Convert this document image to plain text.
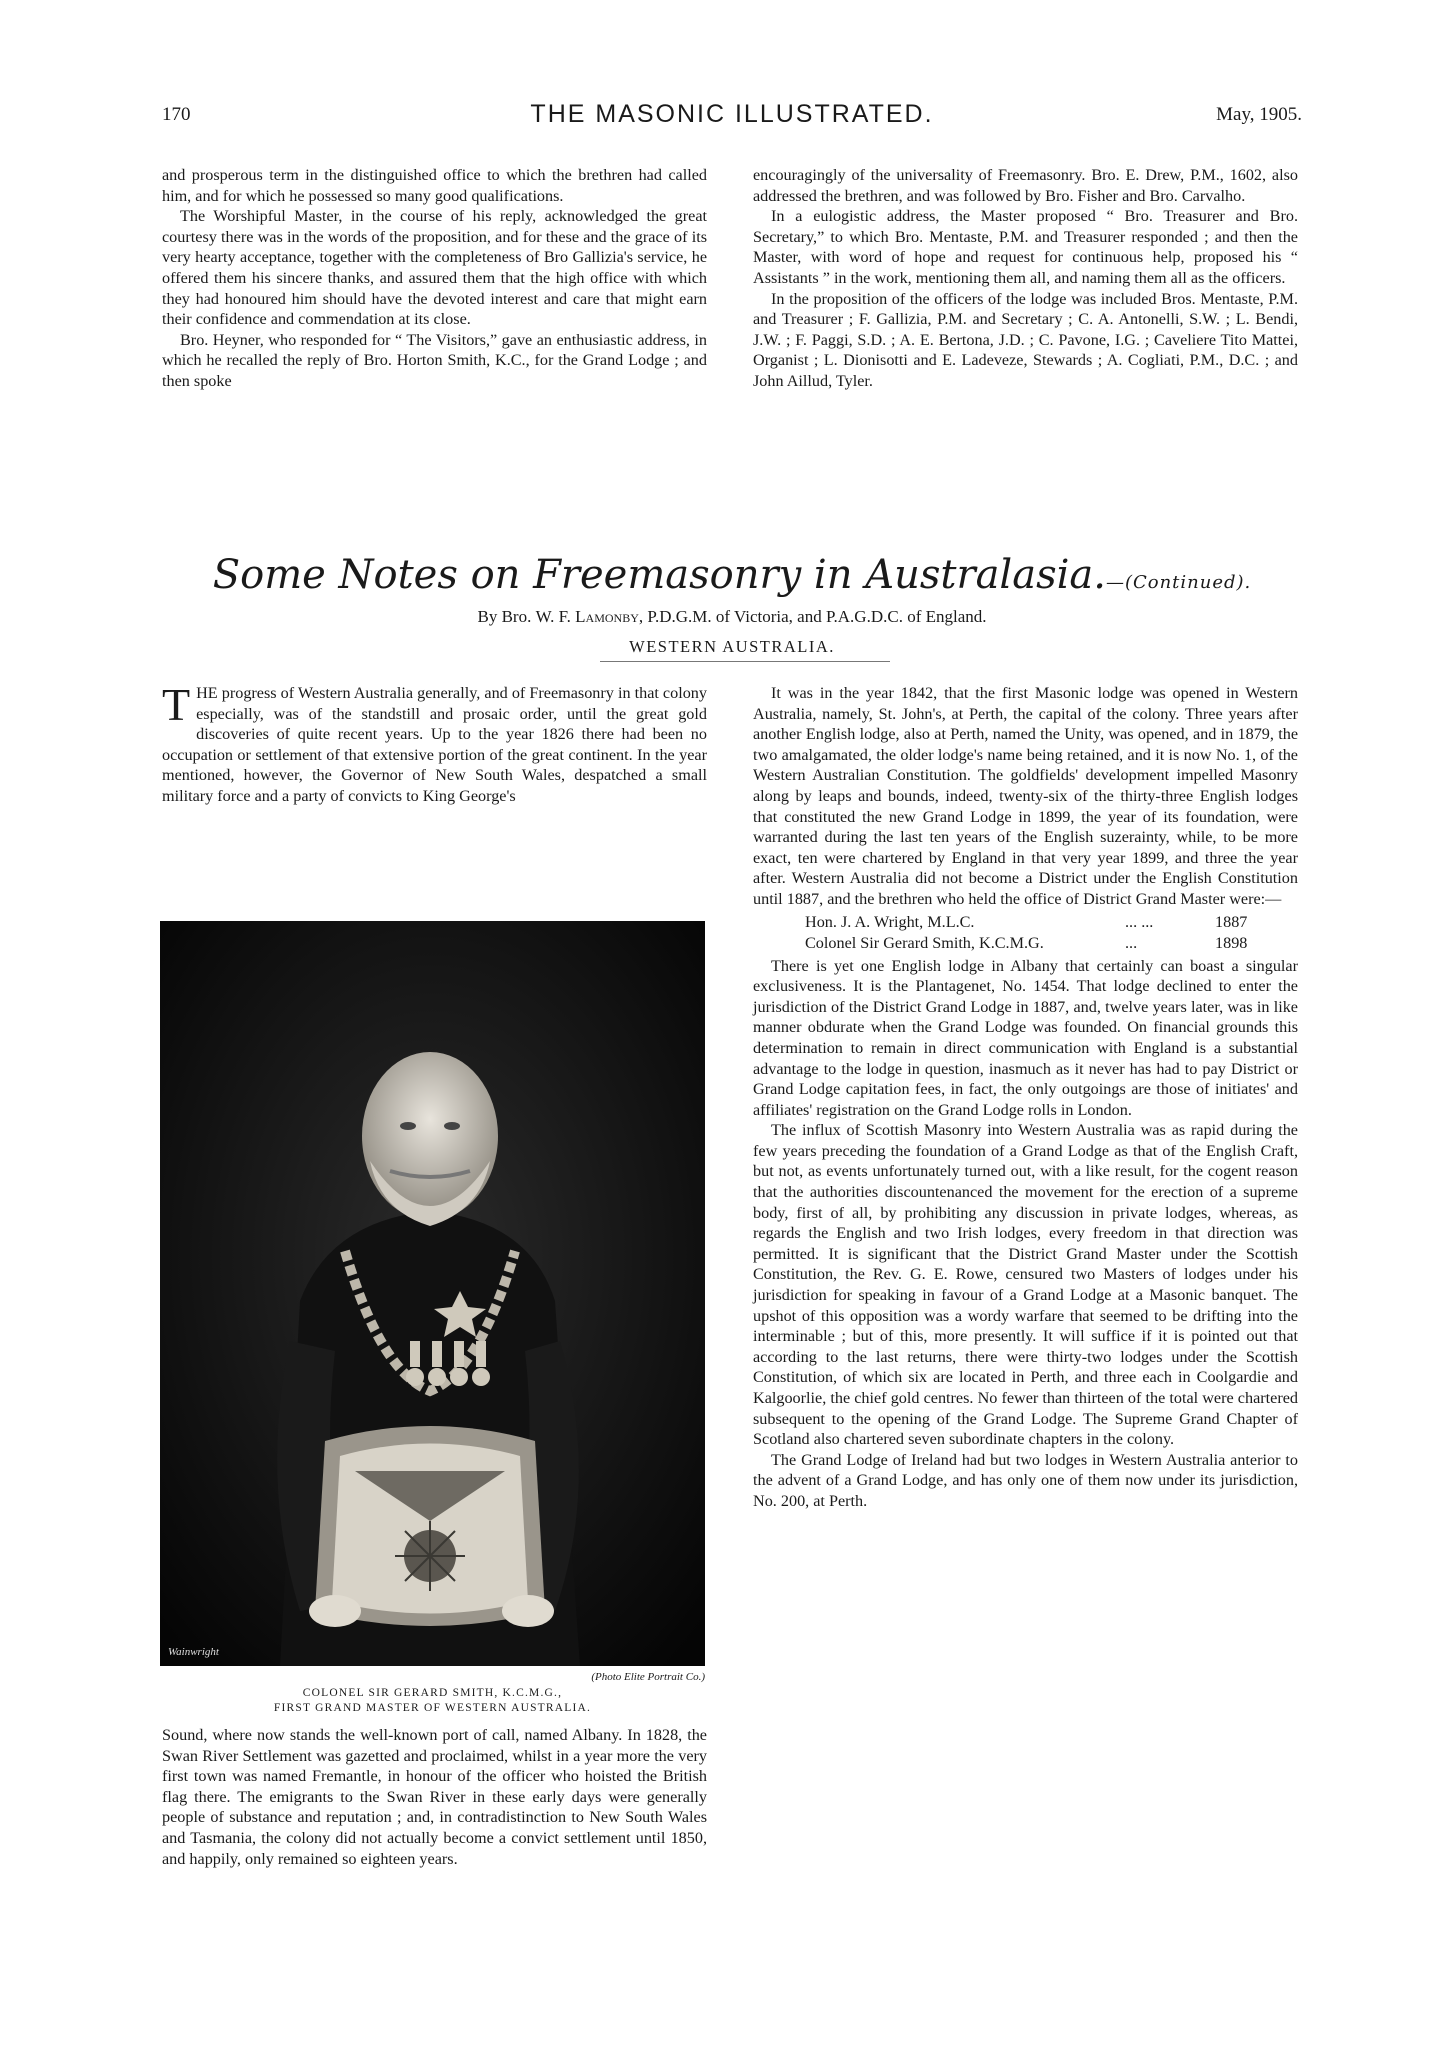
170	THE MASONIC ILLUSTRATED.	May, 1905.

and prosperous term in the distinguished office to which the brethren had called him, and for which he possessed so many good qualifications.

The Worshipful Master, in the course of his reply, acknowledged the great courtesy there was in the words of the proposition, and for these and the grace of its very hearty acceptance, together with the completeness of Bro Gallizia's service, he offered them his sincere thanks, and assured them that the high office with which they had honoured him should have the devoted interest and care that might earn their confidence and commendation at its close.

Bro. Heyner, who responded for “ The Visitors,” gave an enthusiastic address, in which he recalled the reply of Bro. Horton Smith, K.C., for the Grand Lodge ; and then spoke

encouragingly of the universality of Freemasonry. Bro. E. Drew, P.M., 1602, also addressed the brethren, and was followed by Bro. Fisher and Bro. Carvalho.

In a eulogistic address, the Master proposed “ Bro. Treasurer and Bro. Secretary,” to which Bro. Mentaste, P.M. and Treasurer responded ; and then the Master, with word of hope and request for continuous help, proposed his “ Assistants ” in the work, mentioning them all, and naming them all as the officers.

In the proposition of the officers of the lodge was included Bros. Mentaste, P.M. and Treasurer ; F. Gallizia, P.M. and Secretary ; C. A. Antonelli, S.W. ; L. Bendi, J.W. ; F. Paggi, S.D. ; A. E. Bertona, J.D. ; C. Pavone, I.G. ; Caveliere Tito Mattei, Organist ; L. Dionisotti and E. Ladeveze, Stewards ; A. Cogliati, P.M., D.C. ; and John Aillud, Tyler.

Some Notes on Freemasonry in Australasia.—(Continued).
By Bro. W. F. Lamonby, P.D.G.M. of Victoria, and P.A.G.D.C. of England.
WESTERN AUSTRALIA.

THE progress of Western Australia generally, and of Freemasonry in that colony especially, was of the standstill and prosaic order, until the great gold discoveries of quite recent years. Up to the year 1826 there had been no occupation or settlement of that extensive portion of the great continent. In the year mentioned, however, the Governor of New South Wales, despatched a small military force and a party of convicts to King George's

Wainwright
(Photo Elite Portrait Co.)
COLONEL SIR GERARD SMITH, K.C.M.G.,
FIRST GRAND MASTER OF WESTERN AUSTRALIA.

Sound, where now stands the well-known port of call, named Albany. In 1828, the Swan River Settlement was gazetted and proclaimed, whilst in a year more the very first town was named Fremantle, in honour of the officer who hoisted the British flag there. The emigrants to the Swan River in these early days were generally people of substance and reputation ; and, in contradistinction to New South Wales and Tasmania, the colony did not actually become a convict settlement until 1850, and happily, only remained so eighteen years.

It was in the year 1842, that the first Masonic lodge was opened in Western Australia, namely, St. John's, at Perth, the capital of the colony. Three years after another English lodge, also at Perth, named the Unity, was opened, and in 1879, the two amalgamated, the older lodge's name being retained, and it is now No. 1, of the Western Australian Constitution. The goldfields' development impelled Masonry along by leaps and bounds, indeed, twenty-six of the thirty-three English lodges that constituted the new Grand Lodge in 1899, the year of its foundation, were warranted during the last ten years of the English suzerainty, while, to be more exact, ten were chartered by England in that very year 1899, and three the year after. Western Australia did not become a District under the English Constitution until 1887, and the brethren who held the office of District Grand Master were:—

Hon. J. A. Wright, M.L.C.	... ...	1887
Colonel Sir Gerard Smith, K.C.M.G.	...	1898

There is yet one English lodge in Albany that certainly can boast a singular exclusiveness. It is the Plantagenet, No. 1454. That lodge declined to enter the jurisdiction of the District Grand Lodge in 1887, and, twelve years later, was in like manner obdurate when the Grand Lodge was founded. On financial grounds this determination to remain in direct communication with England is a substantial advantage to the lodge in question, inasmuch as it never has had to pay District or Grand Lodge capitation fees, in fact, the only outgoings are those of initiates' and affiliates' registration on the Grand Lodge rolls in London.

The influx of Scottish Masonry into Western Australia was as rapid during the few years preceding the foundation of a Grand Lodge as that of the English Craft, but not, as events unfortunately turned out, with a like result, for the cogent reason that the authorities discountenanced the movement for the erection of a supreme body, first of all, by prohibiting any discussion in private lodges, whereas, as regards the English and two Irish lodges, every freedom in that direction was permitted. It is significant that the District Grand Master under the Scottish Constitution, the Rev. G. E. Rowe, censured two Masters of lodges under his jurisdiction for speaking in favour of a Grand Lodge at a Masonic banquet. The upshot of this opposition was a wordy warfare that seemed to be drifting into the interminable ; but of this, more presently. It will suffice if it is pointed out that according to the last returns, there were thirty-two lodges under the Scottish Constitution, of which six are located in Perth, and three each in Coolgardie and Kalgoorlie, the chief gold centres. No fewer than thirteen of the total were chartered subsequent to the opening of the Grand Lodge. The Supreme Grand Chapter of Scotland also chartered seven subordinate chapters in the colony.

The Grand Lodge of Ireland had but two lodges in Western Australia anterior to the advent of a Grand Lodge, and has only one of them now under its jurisdiction, No. 200, at Perth.
